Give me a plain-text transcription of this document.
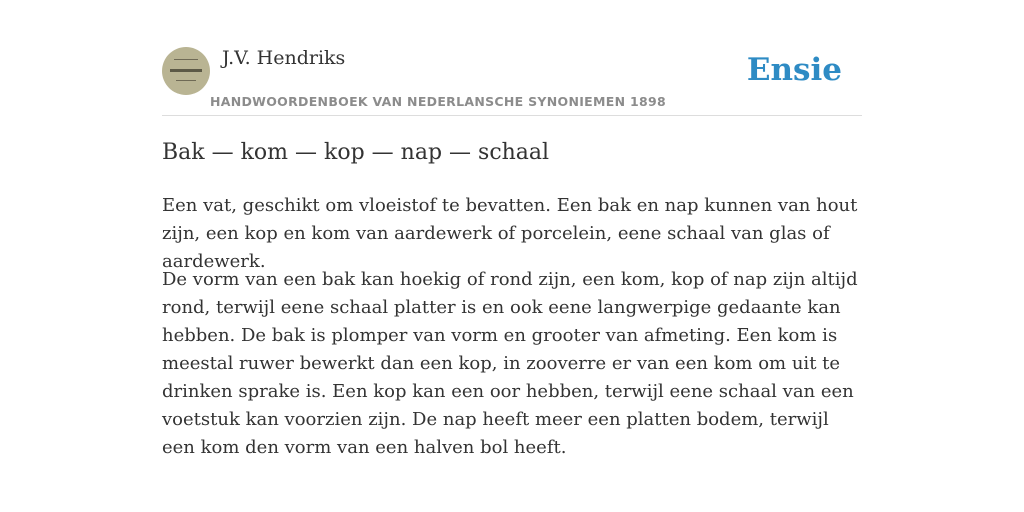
J.V. Hendriks
HANDWOORDENBOEK VAN NEDERLANSCHE SYNONIEMEN 1898
Ensie
Bak — kom — kop — nap — schaal

Een vat, geschikt om vloeistof te bevatten. Een bak en nap kunnen van hout zijn, een kop en kom van aardewerk of porcelein, eene schaal van glas of aardewerk.

De vorm van een bak kan hoekig of rond zijn, een kom, kop of nap zijn altijd rond, terwijl eene schaal platter is en ook eene langwerpige gedaante kan hebben. De bak is plomper van vorm en grooter van afmeting. Een kom is meestal ruwer bewerkt dan een kop, in zooverre er van een kom om uit te drinken sprake is. Een kop kan een oor hebben, terwijl eene schaal van een voetstuk kan voorzien zijn. De nap heeft meer een platten bodem, terwijl een kom den vorm van een halven bol heeft.
